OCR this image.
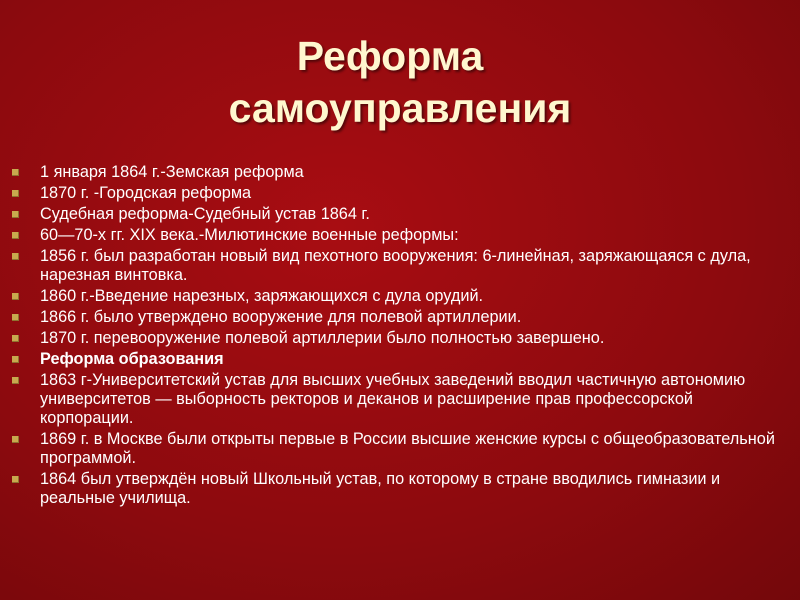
Реформа
самоуправления
1 января 1864 г.-Земская реформа
1870 г. -Городская реформа
Судебная реформа-Судебный устав 1864 г.
60—70-х гг. XIX века.-Милютинские военные реформы:
1856 г. был разработан новый вид пехотного вооружения: 6-линейная, заряжающаяся с дула, нарезная винтовка.
1860 г.-Введение нарезных, заряжающихся с дула орудий.
1866 г. было утверждено вооружение для полевой артиллерии.
1870 г. перевооружение полевой артиллерии было полностью завершено.
Реформа образования
1863 г-Университетский устав для высших учебных заведений вводил частичную автономию университетов — выборность ректоров и деканов и расширение прав профессорской корпорации.
1869 г. в Москве были открыты первые в России высшие женские курсы с общеобразовательной программой.
1864 был утверждён новый Школьный устав, по которому в стране вводились гимназии и реальные училища.
